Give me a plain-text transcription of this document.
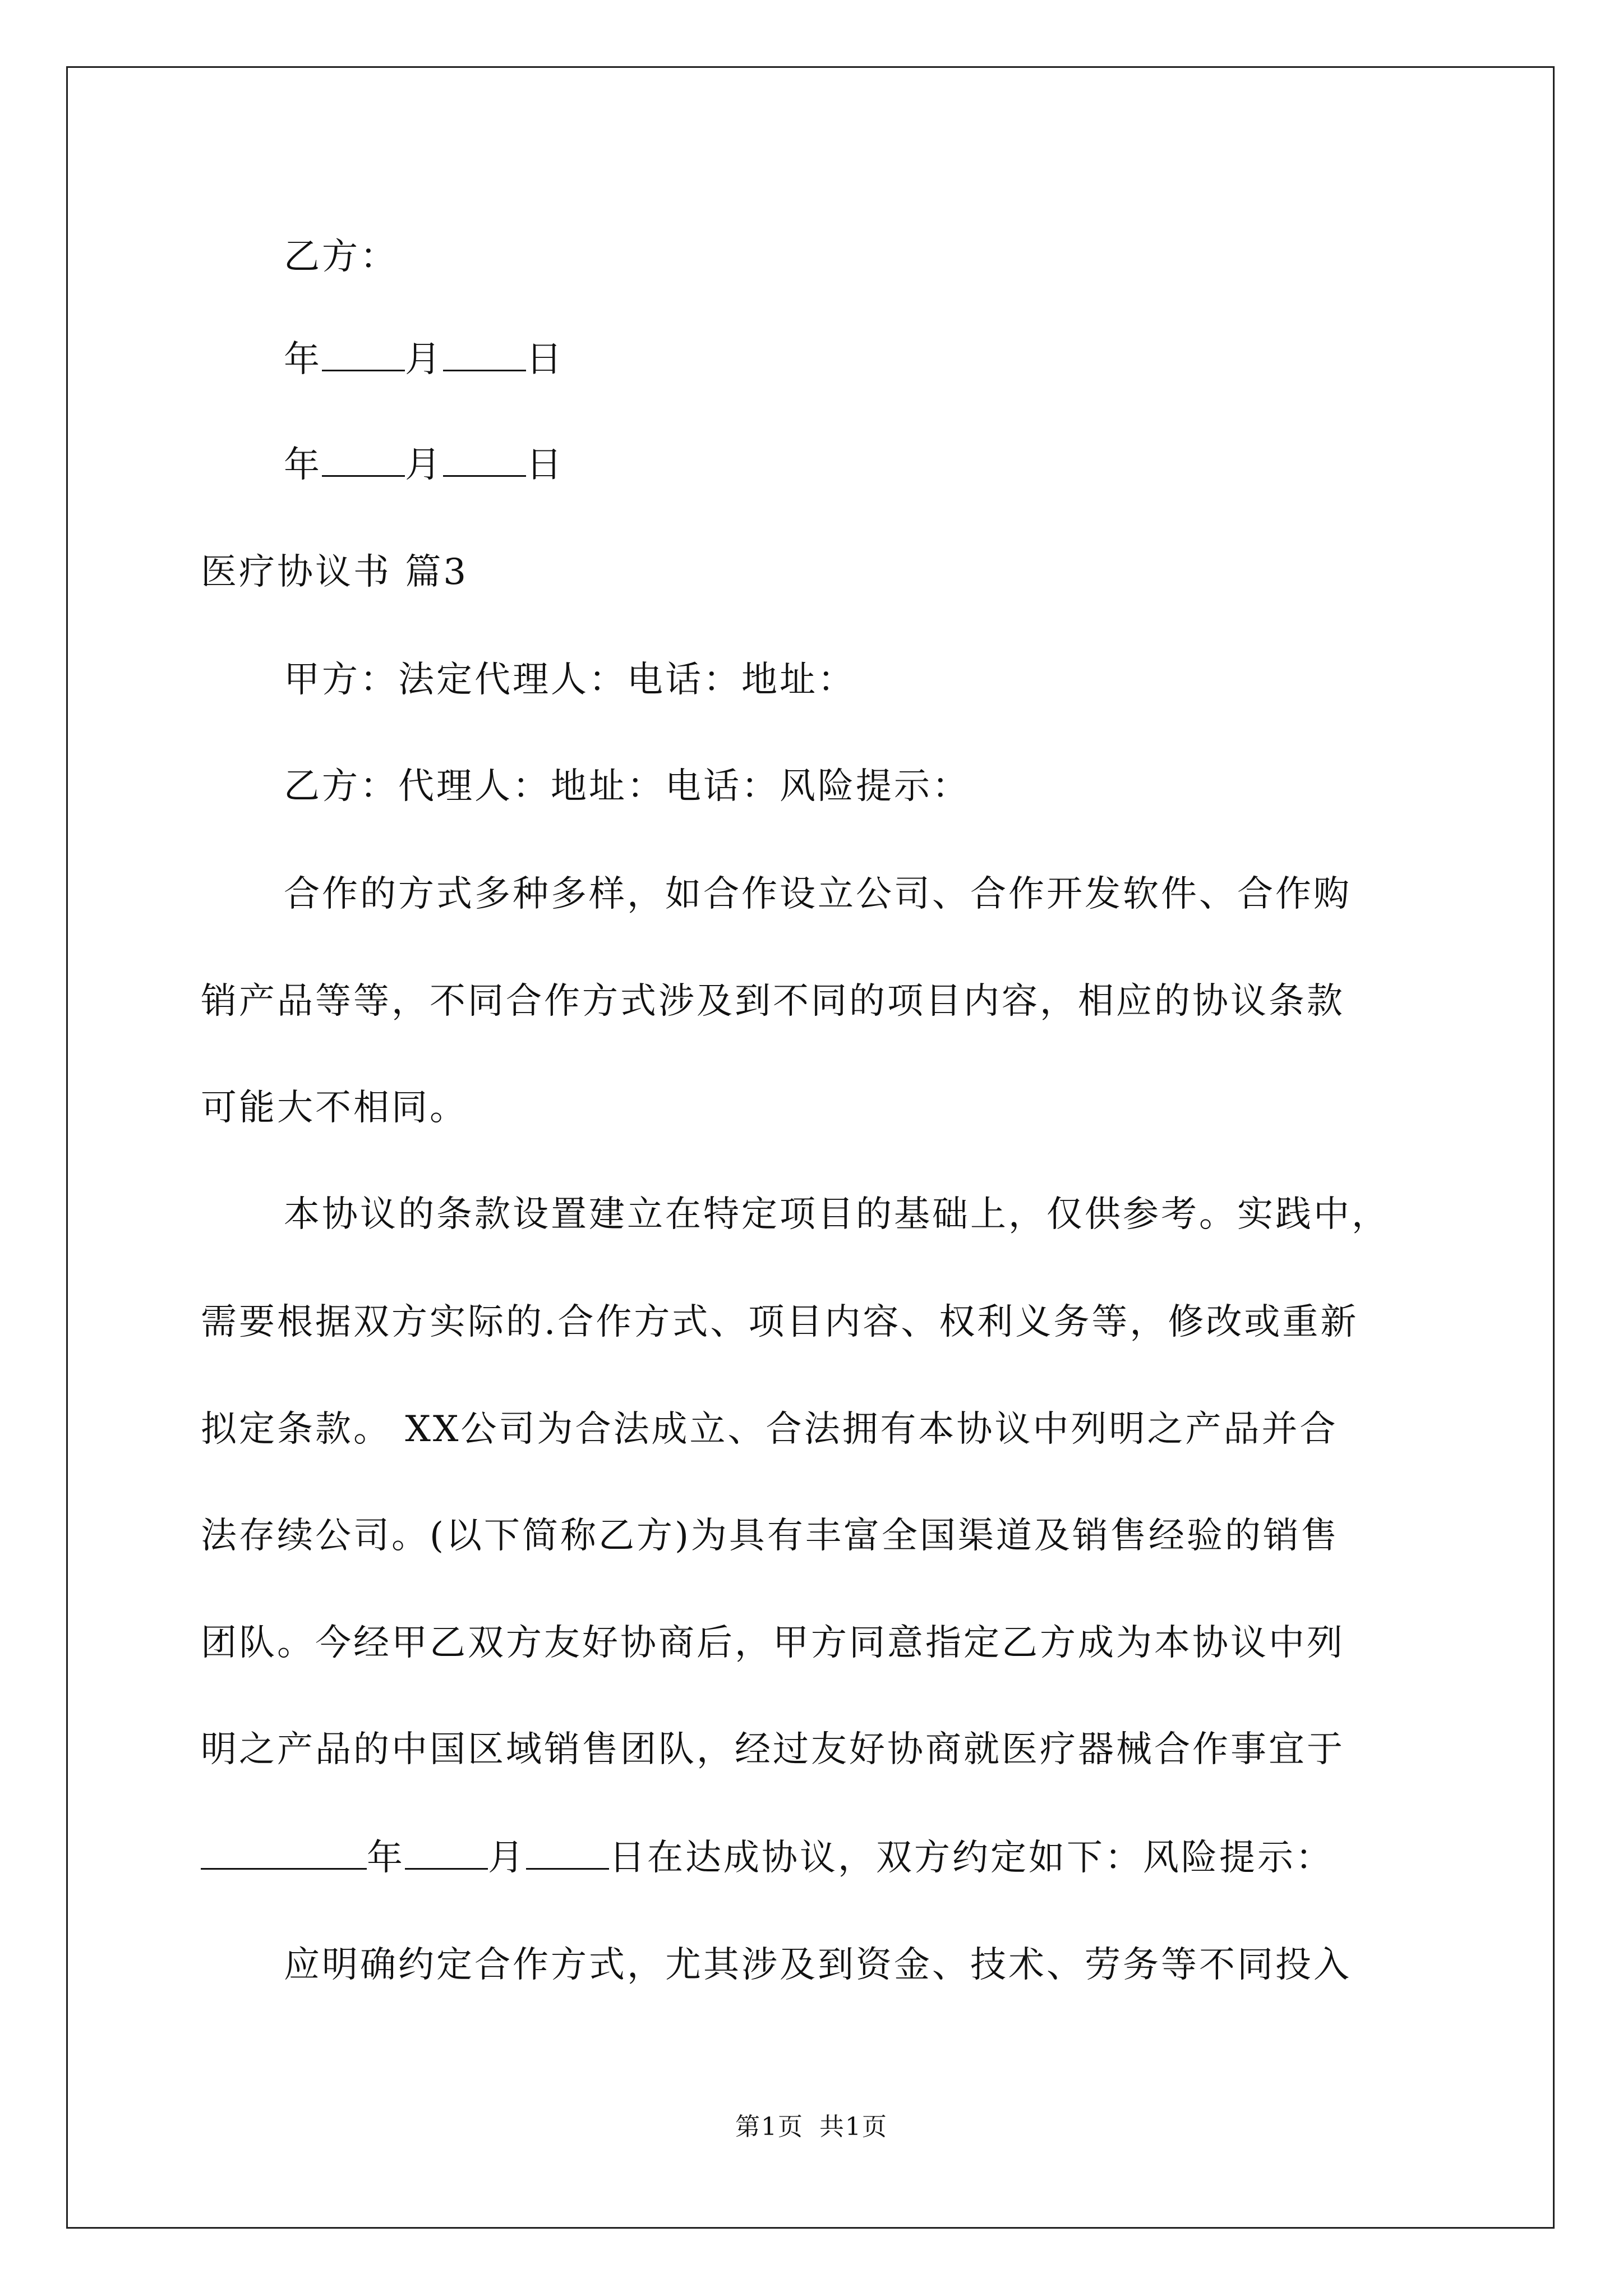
乙方：
年 月 日
年 月 日
医疗协议书 篇3
甲方：法定代理人：电话：地址：
乙方：代理人：地址：电话：风险提示：
合作的方式多种多样，如合作设立公司、合作开发软件、合作购
销产品等等，不同合作方式涉及到不同的项目内容，相应的协议条款
可能大不相同。
本协议的条款设置建立在特定项目的基础上，仅供参考。实践中，
需要根据双方实际的.合作方式、项目内容、权利义务等，修改或重新
拟定条款。 XX公司为合法成立、合法拥有本协议中列明之产品并合
法存续公司。(以下简称乙方)为具有丰富全国渠道及销售经验的销售
团队。今经甲乙双方友好协商后，甲方同意指定乙方成为本协议中列
明之产品的中国区域销售团队，经过友好协商就医疗器械合作事宜于
年 月 日在达成协议，双方约定如下：风险提示：
应明确约定合作方式，尤其涉及到资金、技术、劳务等不同投入
第1页 共1页
